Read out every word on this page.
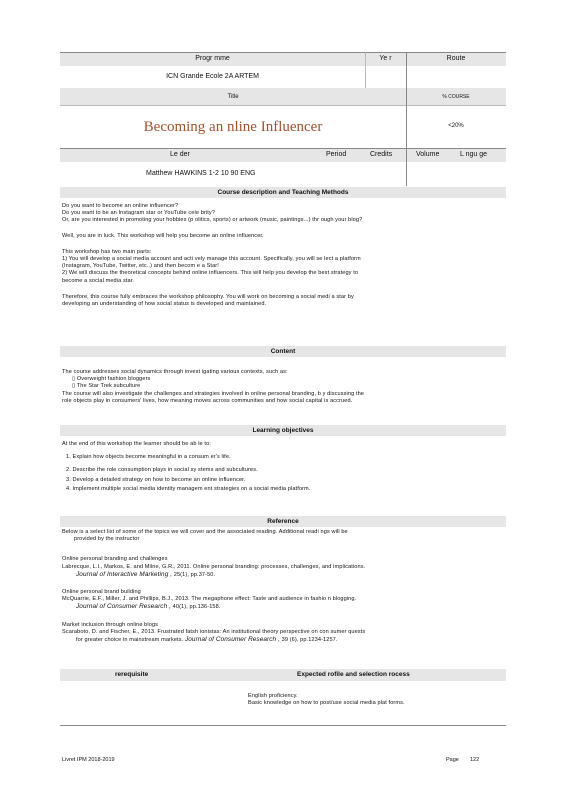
Progr mme	Ye r	Route
ICN Grande Ecole 2A ARTEM
Title	% COURSE
Becoming an nline Influencer	<20%
Le der	Period	Credits	Volume	L ngu ge
Matthew HAWKINS 1-2 10 90 ENG
Course description and Teaching Methods

Do you want to become an online influencer?

Do you want to be an Instagram star or YouTube cele brity?

Or, are you interested in promoting your hobbies (p olitics, sports) or artwork (music, paintings...) thr ough your blog?

Well, you are in luck. This workshop will help you become an online influencer.

This workshop has two main parts:

1) You will develop a social media account and acti vely manage this account. Specifically, you will se lect a platform

(Instagram, YouTube, Twitter, etc..) and then becom e a Star!

2) We will discuss the theoretical concepts behind online influencers. This will help you develop the best strategy to

become a social media star.

Therefore, this course fully embraces the workshop philosophy. You will work on becoming a social medi a star by

developing an understanding of how social status is developed and maintained.

Content

The course addresses social dynamics through invest igating various contexts, such as:

▯ Overweight fashion bloggers

▯ The Star Trek subculture

The course will also investigate the challenges and strategies involved in online personal branding, b y discussing the

role objects play in consumers' lives, how meaning moves across communities and how social capital is accrued.

Learning objectives

At the end of this workshop the learner should be ab le to:

1. Explain how objects become meaningful in a consum er's life.

2. Describe the role consumption plays in social sy stems and subcultures.

3. Develop a detailed strategy on how to become an online influencer.

4. Implement multiple social media identity managem ent strategies on a social media platform.

Reference

Below is a select list of some of the topics we will cover and the associated reading. Additional readi ngs will be

provided by the instructor

Online personal branding and challenges

Labrecque, L.I., Markos, E. and Milne, G.R., 2011. Online personal branding: processes, challenges, and implications.

Journal of Interactive Marketing , 25(1), pp.37-50.

Online personal brand building

McQuarrie, E.F., Miller, J. and Phillips, B.J., 2013. The megaphone effect: Taste and audience in fashio n blogging.

Journal of Consumer Research , 40(1), pp.136-158.

Market inclusion through online blogs

Scaraboto, D. and Fischer, E., 2013. Frustrated fatsh ionistas: An institutional theory perspective on con sumer quests

for greater choice in mainstream markets. Journal of Consumer Research , 39 (6), pp.1234-1257.

rerequisite	Expected rofile and selection rocess

English proficiency.

Basic knowledge on how to post/use social media plat forms.

Livret IPM 2018-2019	Page 122
